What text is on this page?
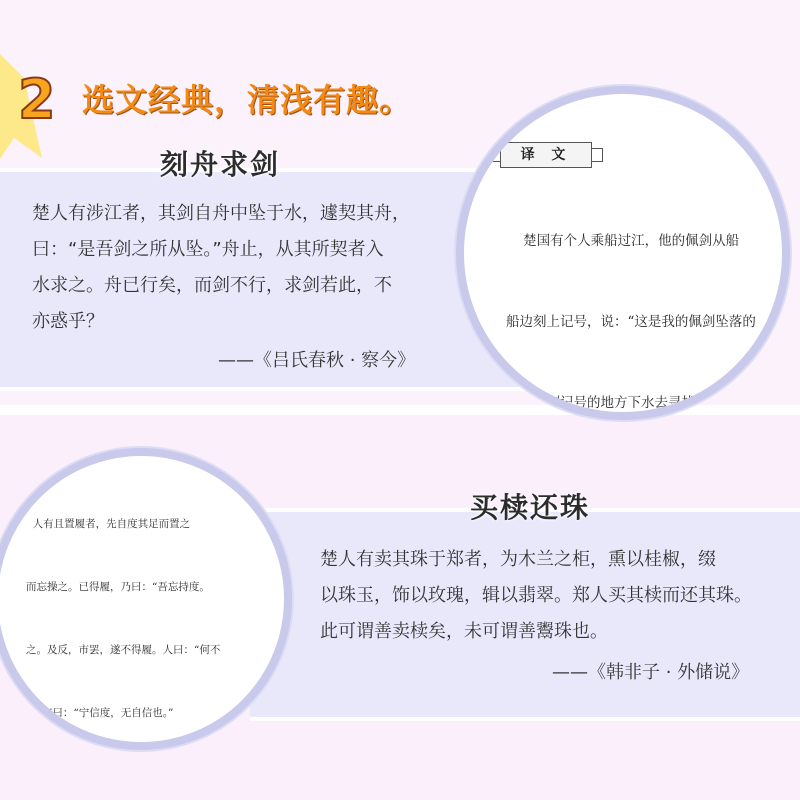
2 选文经典，清浅有趣。
刻舟求剑
楚人有涉江者，其剑自舟中坠于水，遽契其舟，
曰：“是吾剑之所从坠。”舟止，从其所契者入
水求之。舟已行矣，而剑不行，求剑若此，不
亦惑乎？
——《吕氏春秋 · 察今》
译 文

楚国有个人乘船过江，他的佩剑从船

船边刻上记号，说：“这是我的佩剑坠落的

个人从刻记号的地方下水去寻找佩剑。船

买椟还珠
楚人有卖其珠于郑者，为木兰之柜，熏以桂椒，缀
以珠玉，饰以玫瑰，辑以翡翠。郑人买其椟而还其珠。
此可谓善卖椟矣，未可谓善鬻珠也。
——《韩非子 · 外储说》

人有且置履者，先自度其足而置之

而忘操之。已得履，乃曰：“吾忘持度。

之。及反，市罢，遂不得履。人曰：“何不

足？”曰：“宁信度，无自信也。”
